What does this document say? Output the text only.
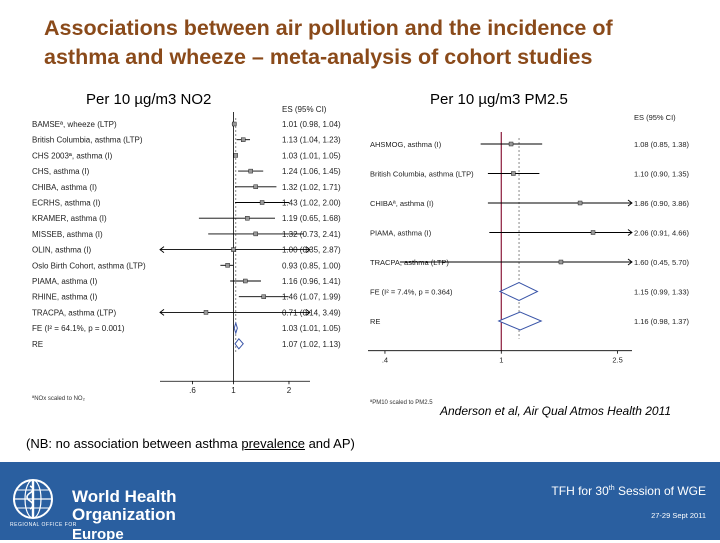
Associations between air pollution and the incidence of
asthma and wheeze – meta-analysis of cohort studies
Per 10 µg/m3 NO2	Per 10 µg/m3 PM2.5
ES (95% CI)
.6	1	2
ªNOx scaled to NO₂
BAMSEª, wheeze (LTP)	1.01 (0.98, 1.04)
British Columbia, asthma (LTP)	1.13 (1.04, 1.23)
CHS 2003ª, asthma (I)	1.03 (1.01, 1.05)
CHS, asthma (I)	1.24 (1.06, 1.45)
CHIBA, asthma (I)	1.32 (1.02, 1.71)
ECRHS, asthma (I)	1.43 (1.02, 2.00)
KRAMER, asthma (I)	1.19 (0.65, 1.68)
MISSEB, asthma (I)	1.32 (0.73, 2.41)
OLIN, asthma (I)	1.00 (0.35, 2.87)
Oslo Birth Cohort, asthma (LTP)	0.93 (0.85, 1.00)
PIAMA, asthma (I)	1.16 (0.96, 1.41)
RHINE, asthma (I)	1.46 (1.07, 1.99)
TRACPA, asthma (LTP)	0.71 (0.14, 3.49)
FE (I² = 64.1%, p = 0.001)	1.03 (1.01, 1.05)
RE	1.07 (1.02, 1.13)
ES (95% CI)
.4	1	2.5
ªPM10 scaled to PM2.5
AHSMOG, asthma (I)	1.08 (0.85, 1.38)
British Columbia, asthma (LTP)	1.10 (0.90, 1.35)
CHIBAª, asthma (I)	1.86 (0.90, 3.86)
PIAMA, asthma (I)	2.06 (0.91, 4.66)
TRACPA, asthma (LTP)	1.60 (0.45, 5.70)
FE (I² = 7.4%, p = 0.364)	1.15 (0.99, 1.33)
RE	1.16 (0.98, 1.37)
Anderson et al, Air Qual Atmos Health 2011
(NB: no association between asthma prevalence and AP)
World Health
Organization
Europe
REGIONAL OFFICE FOR
TFH for 30th Session of WGE
27-29 Sept 2011
